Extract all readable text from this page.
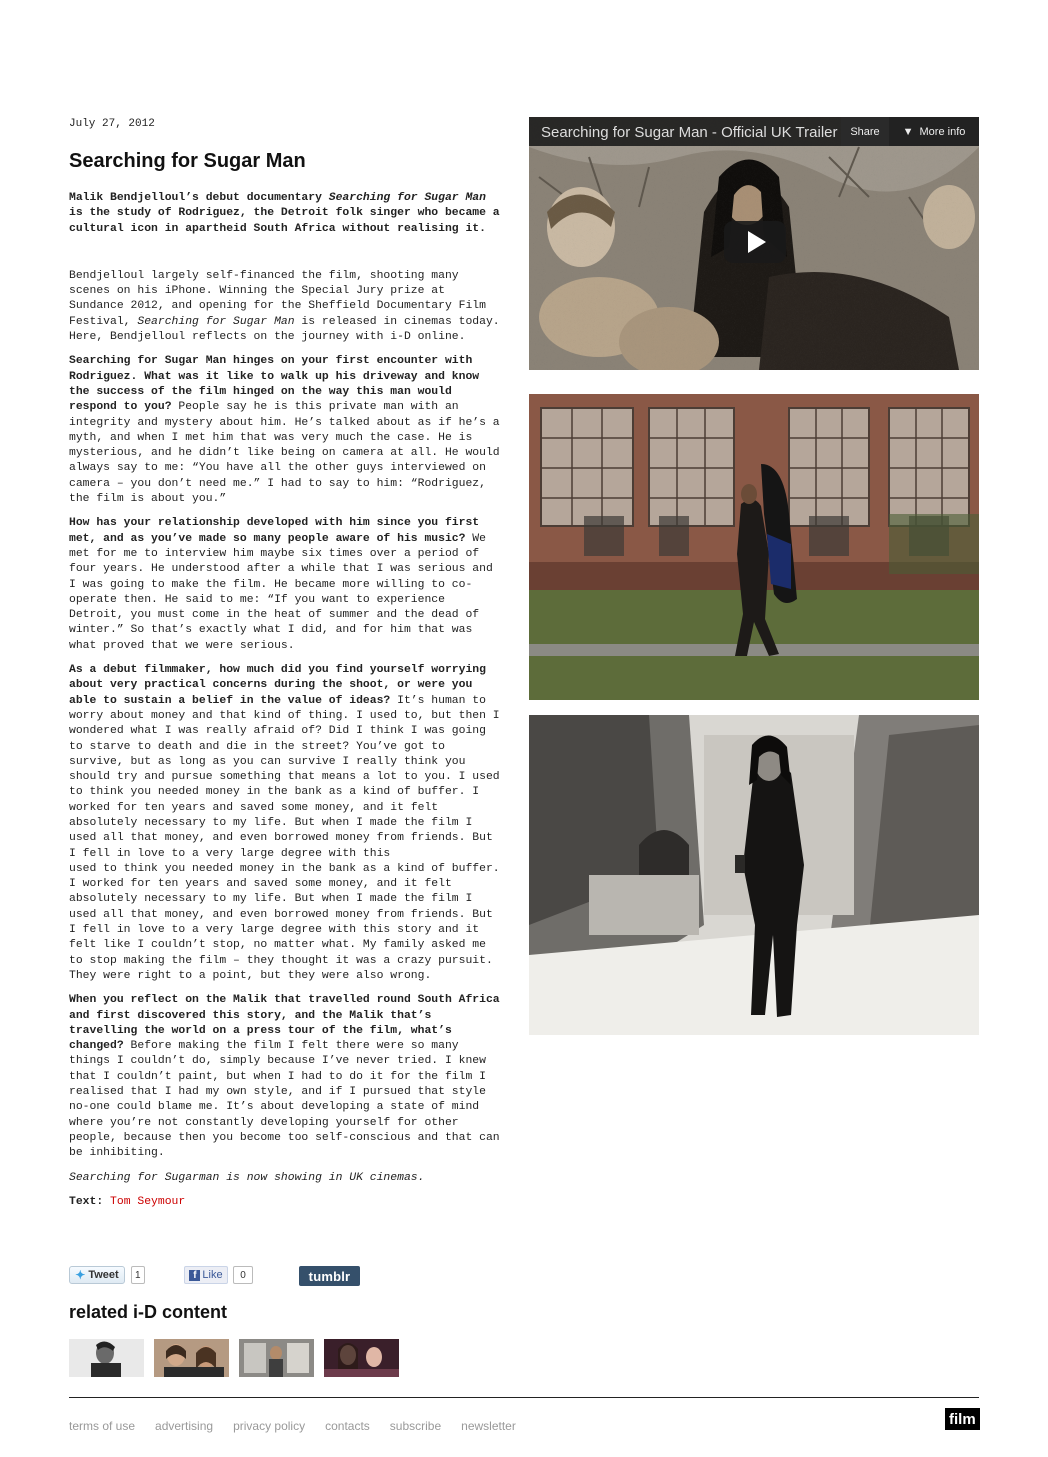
July 27, 2012
Searching for Sugar Man

Malik Bendjelloul’s debut documentary Searching for Sugar Man is the study of Rodriguez, the Detroit folk singer who became a cultural icon in apartheid South Africa without realising it.

Bendjelloul largely self-financed the film, shooting many scenes on his iPhone. Winning the Special Jury prize at Sundance 2012, and opening for the Sheffield Documentary Film Festival, Searching for Sugar Man is released in cinemas today. Here, Bendjelloul reflects on the journey with i-D online.

Searching for Sugar Man hinges on your first encounter with Rodriguez. What was it like to walk up his driveway and know the success of the film hinged on the way this man would respond to you? People say he is this private man with an integrity and mystery about him. He’s talked about as if he’s a myth, and when I met him that was very much the case. He is mysterious, and he didn’t like being on camera at all. He would always say to me: “You have all the other guys interviewed on camera – you don’t need me.” I had to say to him: “Rodriguez, the film is about you.”

How has your relationship developed with him since you first met, and as you’ve made so many people aware of his music? We met for me to interview him maybe six times over a period of four years. He understood after a while that I was serious and I was going to make the film. He became more willing to co-operate then. He said to me: “If you want to experience Detroit, you must come in the heat of summer and the dead of winter.” So that’s exactly what I did, and for him that was what proved that we were serious.

As a debut filmmaker, how much did you find yourself worrying about very practical concerns during the shoot, or were you able to sustain a belief in the value of ideas? It’s human to worry about money and that kind of thing. I used to, but then I wondered what I was really afraid of? Did I think I was going to starve to death and die in the street? You’ve got to survive, but as long as you can survive I really think you should try and pursue something that means a lot to you. I used to think you needed money in the bank as a kind of buffer. I worked for ten years and saved some money, and it felt absolutely necessary to my life. But when I made the film I used all that money, and even borrowed money from friends. But I fell in love to a very large degree with this

used to think you needed money in the bank as a kind of buffer. I worked for ten years and saved some money, and it felt absolutely necessary to my life. But when I made the film I used all that money, and even borrowed money from friends. But I fell in love to a very large degree with this story and it felt like I couldn’t stop, no matter what. My family asked me to stop making the film – they thought it was a crazy pursuit. They were right to a point, but they were also wrong.

When you reflect on the Malik that travelled round South Africa and first discovered this story, and the Malik that’s travelling the world on a press tour of the film, what’s changed? Before making the film I felt there were so many things I couldn’t do, simply because I’ve never tried. I knew that I couldn’t paint, but when I had to do it for the film I realised that I had my own style, and if I pursued that style no-one could blame me. It’s about developing a state of mind where you’re not constantly developing yourself for other people, because then you become too self-conscious and that can be inhibiting.

Searching for Sugarman is now showing in UK cinemas.

Text: Tom Seymour

✦ Tweet	1	f Like	0	tumblr
related i-D content
terms of use advertising privacy policy contacts subscribe newsletter	film
Searching for Sugar Man - Official UK Trailer	Share	▼ More info
